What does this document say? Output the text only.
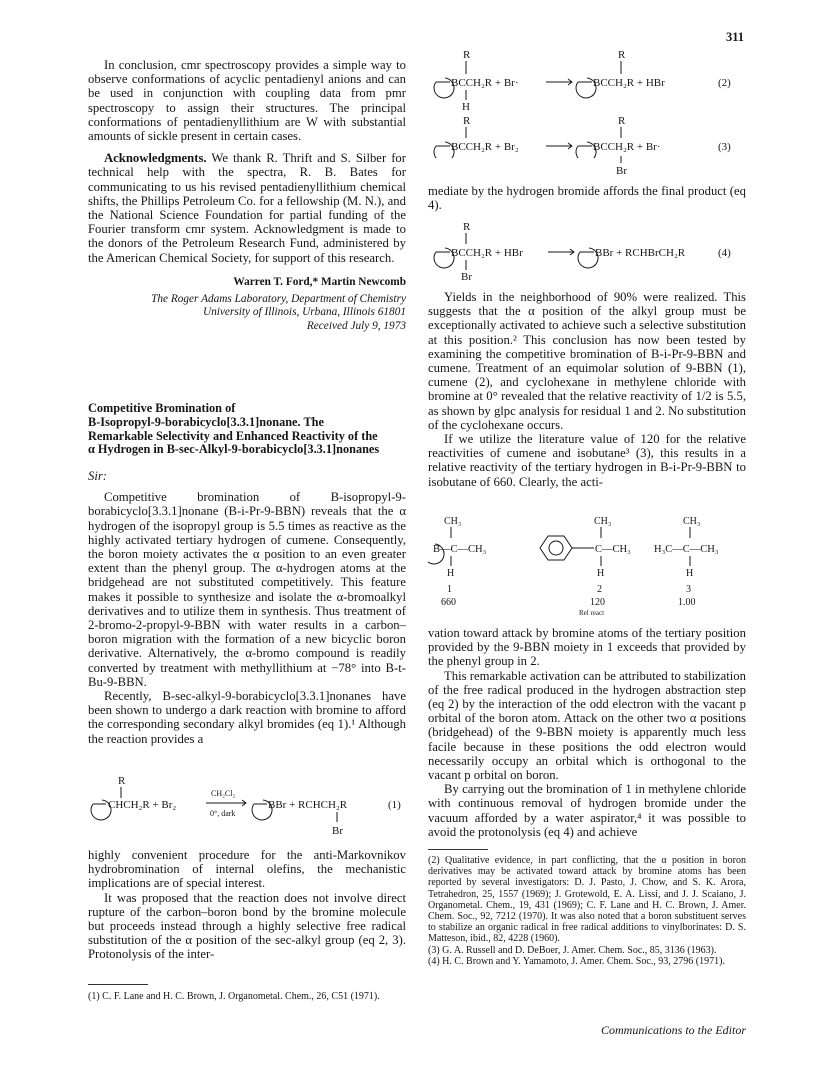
311

In conclusion, cmr spectroscopy provides a simple way to observe conformations of acyclic pentadienyl anions and can be used in conjunction with coupling data from pmr spectroscopy to assign their structures. The principal conformations of pentadienyllithium are W with substantial amounts of sickle present in certain cases.

Acknowledgments. We thank R. Thrift and S. Silber for technical help with the spectra, R. B. Bates for communicating to us his revised pentadienyllithium chemical shifts, the Phillips Petroleum Co. for a fellowship (M. N.), and the National Science Foundation for partial funding of the Fourier transform cmr system. Acknowledgment is made to the donors of the Petroleum Research Fund, administered by the American Chemical Society, for support of this research.

Warren T. Ford,* Martin Newcomb
The Roger Adams Laboratory, Department of Chemistry
University of Illinois, Urbana, Illinois 61801
Received July 9, 1973
Competitive Bromination of
B-Isopropyl-9-borabicyclo[3.3.1]nonane. The
Remarkable Selectivity and Enhanced Reactivity of the
α Hydrogen in B-sec-Alkyl-9-borabicyclo[3.3.1]nonanes
Sir:

Competitive bromination of B-isopropyl-9-borabicyclo[3.3.1]nonane (B-i-Pr-9-BBN) reveals that the α hydrogen of the isopropyl group is 5.5 times as reactive as the highly activated tertiary hydrogen of cumene. Consequently, the boron moiety activates the α position to an even greater extent than the phenyl group. The α-hydrogen atoms at the bridgehead are not substituted competitively. This feature makes it possible to synthesize and isolate the α-bromoalkyl derivatives and to utilize them in synthesis. Thus treatment of 2-bromo-2-propyl-9-BBN with water results in a carbon–boron migration with the formation of a new bicyclic boron derivative. Alternatively, the α-bromo compound is readily converted by treatment with methyllithium at −78° into B-t-Bu-9-BBN.

Recently, B-sec-alkyl-9-borabicyclo[3.3.1]nonanes have been shown to undergo a dark reaction with bromine to afford the corresponding secondary alkyl bromides (eq 1).¹ Although the reaction provides a

R
CHCH₂R + Br₂
CH₂Cl₂
0°, dark
BBr + RCHCH₂R
Br
(1)

highly convenient procedure for the anti-Markovnikov hydrobromination of internal olefins, the mechanistic implications are of special interest.

It was proposed that the reaction does not involve direct rupture of the carbon–boron bond by the bromine molecule but proceeds instead through a highly selective free radical substitution of the α position of the sec-alkyl group (eq 2, 3). Protonolysis of the inter-

(1) C. F. Lane and H. C. Brown, J. Organometal. Chem., 26, C51 (1971).

R
BCCH₂R + Br·
R
BCCH₂R + HBr
H
(2)
R
BCCH₂R + Br₂
R
BCCH₂R + Br·	(3)
Br

mediate by the hydrogen bromide affords the final product (eq 4).

R
BCCH₂R + HBr	BBr + RCHBrCH₂R
Br
(4)

Yields in the neighborhood of 90% were realized. This suggests that the α position of the alkyl group must be exceptionally activated to achieve such a selective substitution at this position.² This conclusion has now been tested by examining the competitive bromination of B-i-Pr-9-BBN and cumene. Treatment of an equimolar solution of 9-BBN (1), cumene (2), and cyclohexane in methylene chloride with bromine at 0° revealed that the relative reactivity of 1/2 is 5.5, as shown by glpc analysis for residual 1 and 2. No substitution of the cyclohexane occurs.

If we utilize the literature value of 120 for the relative reactivities of cumene and isobutane³ (3), this results in a relative reactivity of the tertiary hydrogen in B-i-Pr-9-BBN to isobutane of 660. Clearly, the acti-

CH₃
B—C—CH₃
H
1
660
CH₃
C—CH₃
H
2
120
Rel react
CH₃
H₃C—C—CH₃
H
3
1.00

vation toward attack by bromine atoms of the tertiary position provided by the 9-BBN moiety in 1 exceeds that provided by the phenyl group in 2.

This remarkable activation can be attributed to stabilization of the free radical produced in the hydrogen abstraction step (eq 2) by the interaction of the odd electron with the vacant p orbital of the boron atom. Attack on the other two α positions (bridgehead) of the 9-BBN moiety is apparently much less facile because in these positions the odd electron would necessarily occupy an orbital which is orthogonal to the vacant p orbital on boron.

By carrying out the bromination of 1 in methylene chloride with continuous removal of hydrogen bromide under the vacuum afforded by a water aspirator,⁴ it was possible to avoid the protonolysis (eq 4) and achieve

(2) Qualitative evidence, in part conflicting, that the α position in boron derivatives may be activated toward attack by bromine atoms has been reported by several investigators: D. J. Pasto, J. Chow, and S. K. Arora, Tetrahedron, 25, 1557 (1969); J. Grotewold, E. A. Lissi, and J. J. Scaiano, J. Organometal. Chem., 19, 431 (1969); C. F. Lane and H. C. Brown, J. Amer. Chem. Soc., 92, 7212 (1970). It was also noted that a boron substituent serves to stabilize an organic radical in free radical additions to vinylborinates: D. S. Matteson, ibid., 82, 4228 (1960).

(3) G. A. Russell and D. DeBoer, J. Amer. Chem. Soc., 85, 3136 (1963).

(4) H. C. Brown and Y. Yamamoto, J. Amer. Chem. Soc., 93, 2796 (1971).

Communications to the Editor
